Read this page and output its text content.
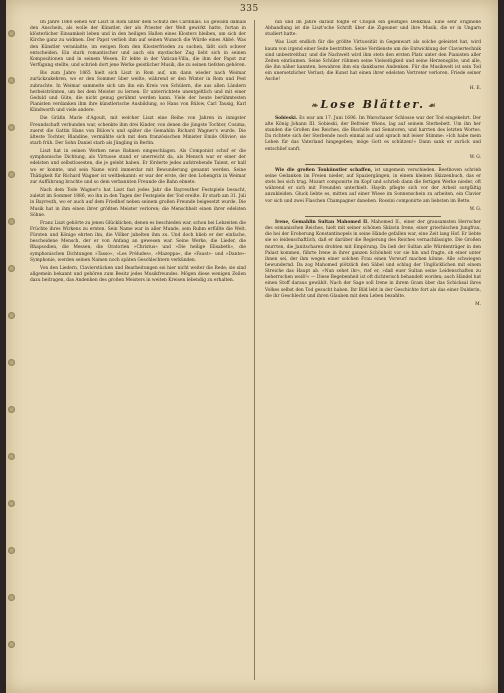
335

Im Jahre 1860 sehen wir Liszt in Rom unter dem Schutz des Cardinals. Es gewann damals den Anschein, als wolle der Künstler, der als Priester der Welt gewirkt hatte, fortan in klösterlicher Einsamkeit leben und in den heiligen Hallen eines Klosters bleiben, um sich der Kirche ganz zu widmen. Der Papst verlieh ihm auf seinen Wunsch die Würde eines Abbé. Was den Künstler veranlaßte, im ewigen Rom den Klosterfrieden zu suchen, läßt sich schwer entscheiden. Ein stark romantischer und auch ein mystischer Zug liebt sich in seinen Kompositionen und in seinem Wesen. Er lebte in der Vatican-Villa, die ihm der Papst zur Verfügung stellte, und schrieb dort jene Werke geistlicher Musik, die zu seinen tiefsten gehören.

Bis zum Jahre 1865 hielt sich Liszt in Rom auf, um dann wieder nach Weimar zurückzukehren, wo er den Sommer über weilte, während er den Winter in Rom und Pest zubrachte. In Weimar sammelte sich um ihn ein Kreis von Schülern, die aus allen Ländern herbeiströmten, um bei dem Meister zu lernen. Er unterrichtete unentgeltlich und mit einer Geduld und Güte, die nicht genug gerühmt werden kann. Viele der heute berühmtesten Pianisten verdanken ihm ihre künstlerische Ausbildung, so Hans von Bülow, Carl Tausig, Karl Klindworth und viele andere.

Die Gräfin Marie d'Agoult, mit welcher Liszt eine Reihe von Jahren in innigster Freundschaft verbunden war, schenkte ihm drei Kinder, von denen die jüngste Tochter, Cosima, zuerst die Gattin Hans von Bülow's und später die Gemahlin Richard Wagner's wurde. Die älteste Tochter, Blandine, vermählte sich mit dem französischen Minister Emile Ollivier; sie starb früh. Der Sohn Daniel starb als Jüngling in Berlin.

Liszt hat in seinen Werken neue Bahnen eingeschlagen. Als Componist schuf er die symphonische Dichtung, als Virtuose stand er unerreicht da, als Mensch war er einer der edelsten und selbstlosesten, die je gelebt haben. Er förderte jedes aufstrebende Talent, er half wo er konnte, und sein Name wird immerdar mit Bewunderung genannt werden. Seine Thätigkeit für Richard Wagner ist weltbekannt: er war der erste, der den Lohengrin in Weimar zur Aufführung brachte und so dem verbannten Freunde die Bahn ebnete.

Nach dem Tode Wagner's hat Liszt fast jedes Jahr die Bayreuther Festspiele besucht, zuletzt im Sommer 1886, wo ihn in den Tagen der Festspiele der Tod ereilte. Er starb am 31. Juli in Bayreuth, wo er auch auf dem Friedhof neben seinem großen Freunde beigesetzt wurde. Die Musik hat in ihm einen ihrer größten Meister verloren; die Menschheit einen ihrer edelsten Söhne.

Franz Liszt gehörte zu jenen Glücklichen, denen es beschieden war, schon bei Lebzeiten die Früchte ihres Wirkens zu ernten. Sein Name war in aller Munde, sein Ruhm erfüllte die Welt. Fürsten und Könige ehrten ihn, die Völker jubelten ihm zu. Und doch blieb er der einfache, bescheidene Mensch, der er von Anfang an gewesen war. Seine Werke, die Lieder, die Rhapsodien, die Messen, die Oratorien »Christus« und »Die heilige Elisabeth«, die symphonischen Dichtungen »Tasso«, »Les Préludes«, »Mazeppa«, die »Faust«- und »Dante«-Symphonie, werden seinen Namen noch späten Geschlechtern verkünden.

Von den Liedern, Clavierstücken und Bearbeitungen sei hier nicht weiter die Rede; sie sind allgemein bekannt und gehören zum Besitz jedes Musikfreundes. Mögen diese wenigen Zeilen dazu beitragen, das Andenken des großen Meisters in weiten Kreisen lebendig zu erhalten.

hin und im Jahre darauf folgte er Chopin ein geistiges Denkmal. Eine sehr originelle Abhandlung ist die Liszt'sche Schrift über die Zigeuner und ihre Musik, die er in Ungarn studiert hatte.

Was Liszt endlich für die größte Virtuosität in Gegenwart als solche geleistet hat, wird kaum von irgend einer Seite bestritten. Seine Verdienste um die Entwicklung der Claviertechnik sind unbestreitbar, und die Nachwelt wird ihm stets den ersten Platz unter den Pianisten aller Zeiten einräumen. Seine Schüler rühmen seine Vielseitigkeit und seine Herzensgüte, und alle, die ihn näher kannten, bewahren ihm ein dankbares Andenken. Für die Musikwelt ist sein Tod ein unersetzlicher Verlust; die Kunst hat einen ihrer edelsten Vertreter verloren. Friede seiner Asche!

H. E.
❧ Lose Blätter. ☙

Sobieski. Es war am 17. Juni 1696. Im Warschauer Schlosse war der Tod eingekehrt. Der alte König Johann III. Sobieski, der Befreier Wiens, lag auf seinem Sterbebett. Um ihn her standen die Großen des Reiches, die Bischöfe und Senatoren, und harrten des letzten Wortes. Da richtete sich der Sterbende noch einmal auf und sprach mit leiser Stimme: »Ich habe mein Leben für das Vaterland hingegeben; möge Gott es schützen!« Dann sank er zurück und entschlief sanft.

W. G.

Wie die großen Tonkünstler schaffen, ist ungemein verschieden. Beethoven schrieb seine Gedanken im Freien nieder, auf Spaziergängen, in einem kleinen Skizzenbuch, das er stets bei sich trug. Mozart componirte im Kopf und schrieb dann die fertigen Werke nieder, oft während er sich mit Freunden unterhielt. Haydn pflegte sich vor der Arbeit sorgfältig anzukleiden. Gluck liebte es, mitten auf einer Wiese im Sonnenschein zu arbeiten, ein Clavier vor sich und zwei Flaschen Champagner daneben. Rossini componirte am liebsten im Bette.

W. G.

Irene, Gemahlin Sultan Mahomed II. Mahomed II., einer der grausamsten Herrscher des osmanischen Reiches, hielt mit seiner schönen Sklavin Irene, einer griechischen Jungfrau, die bei der Eroberung Konstantinopels in seine Hände gefallen war, eine Zeit lang Hof. Er liebte sie so leidenschaftlich, daß er darüber die Regierung des Reiches vernachlässigte. Die Großen murrten, die Janitscharen drohten mit Empörung. Da ließ der Sultan alle Würdenträger in den Palast kommen, führte Irene in ihrer ganzen Schönheit vor sie hin und fragte, ob einer unter ihnen sei, der ihm wegen einer solchen Frau einen Vorwurf machen könne. Alle schwiegen bewundernd. Da zog Mahomed plötzlich den Säbel und schlug der Unglücklichen mit einem Streiche das Haupt ab. »Nun sehet ihr«, rief er, »daß euer Sultan seine Leidenschaften zu beherrschen weiß!« — Diese Begebenheit ist oft dichterisch behandelt worden; auch Händel hat einen Stoff daraus gewählt. Nach der Sage soll Irene in ihrem Gram über das Schicksal ihres Volkes selbst den Tod gesucht haben. Ihr Bild lebt in der Geschichte fort als das einer Dulderin, die ihr Geschlecht und ihren Glauben mit dem Leben bezahlte.

M.
